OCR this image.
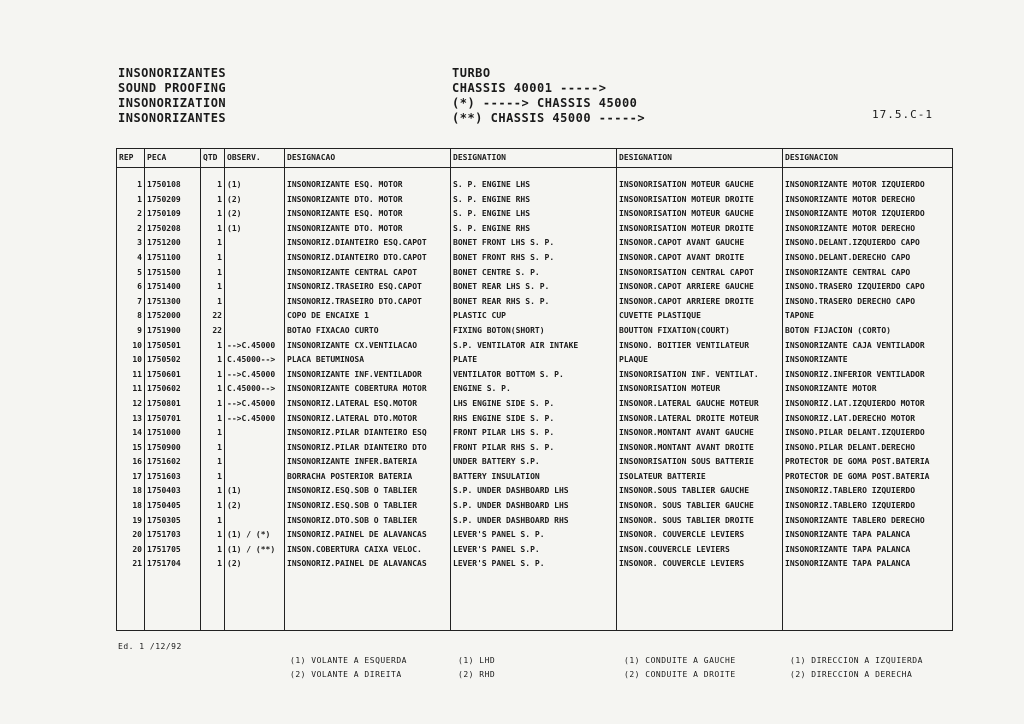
INSONORIZANTES
SOUND PROOFING
INSONORIZATION
INSONORIZANTES
TURBO
CHASSIS 40001 ----->
(*) -----> CHASSIS 45000
(**) CHASSIS 45000 ----->	17.5.C-1
REP	PECA	QTD	OBSERV.	DESIGNACAO	DESIGNATION	DESIGNATION	DESIGNACION

1	1750108	1	(1)	INSONORIZANTE ESQ. MOTOR	S. P. ENGINE LHS	INSONORISATION MOTEUR GAUCHE	INSONORIZANTE MOTOR IZQUIERDO
1	1750209	1	(2)	INSONORIZANTE DTO. MOTOR	S. P. ENGINE RHS	INSONORISATION MOTEUR DROITE	INSONORIZANTE MOTOR DERECHO
2	1750109	1	(2)	INSONORIZANTE ESQ. MOTOR	S. P. ENGINE LHS	INSONORISATION MOTEUR GAUCHE	INSONORIZANTE MOTOR IZQUIERDO
2	1750208	1	(1)	INSONORIZANTE DTO. MOTOR	S. P. ENGINE RHS	INSONORISATION MOTEUR DROITE	INSONORIZANTE MOTOR DERECHO
3	1751200	1		INSONORIZ.DIANTEIRO ESQ.CAPOT	BONET FRONT LHS S. P.	INSONOR.CAPOT AVANT GAUCHE	INSONO.DELANT.IZQUIERDO CAPO
4	1751100	1		INSONORIZ.DIANTEIRO DTO.CAPOT	BONET FRONT RHS S. P.	INSONOR.CAPOT AVANT DROITE	INSONO.DELANT.DERECHO CAPO
5	1751500	1		INSONORIZANTE CENTRAL CAPOT	BONET CENTRE S. P.	INSONORISATION CENTRAL CAPOT	INSONORIZANTE CENTRAL CAPO
6	1751400	1		INSONORIZ.TRASEIRO ESQ.CAPOT	BONET REAR LHS S. P.	INSONOR.CAPOT ARRIERE GAUCHE	INSONO.TRASERO IZQUIERDO CAPO
7	1751300	1		INSONORIZ.TRASEIRO DTO.CAPOT	BONET REAR RHS S. P.	INSONOR.CAPOT ARRIERE DROITE	INSONO.TRASERO DERECHO CAPO
8	1752000	22		COPO DE ENCAIXE 1	PLASTIC CUP	CUVETTE PLASTIQUE	TAPONE
9	1751900	22		BOTAO FIXACAO CURTO	FIXING BOTON(SHORT)	BOUTTON FIXATION(COURT)	BOTON FIJACION (CORTO)
10	1750501	1	-->C.45000	INSONORIZANTE CX.VENTILACAO	S.P. VENTILATOR AIR INTAKE	INSONO. BOITIER VENTILATEUR	INSONORIZANTE CAJA VENTILADOR
10	1750502	1	C.45000-->	PLACA BETUMINOSA	PLATE	PLAQUE	INSONORIZANTE
11	1750601	1	-->C.45000	INSONORIZANTE INF.VENTILADOR	VENTILATOR BOTTOM S. P.	INSONORISATION INF. VENTILAT.	INSONORIZ.INFERIOR VENTILADOR
11	1750602	1	C.45000-->	INSONORIZANTE COBERTURA MOTOR	ENGINE S. P.	INSONORISATION MOTEUR	INSONORIZANTE MOTOR
12	1750801	1	-->C.45000	INSONORIZ.LATERAL ESQ.MOTOR	LHS ENGINE SIDE S. P.	INSONOR.LATERAL GAUCHE MOTEUR	INSONORIZ.LAT.IZQUIERDO MOTOR
13	1750701	1	-->C.45000	INSONORIZ.LATERAL DTO.MOTOR	RHS ENGINE SIDE S. P.	INSONOR.LATERAL DROITE MOTEUR	INSONORIZ.LAT.DERECHO MOTOR
14	1751000	1		INSONORIZ.PILAR DIANTEIRO ESQ	FRONT PILAR LHS S. P.	INSONOR.MONTANT AVANT GAUCHE	INSONO.PILAR DELANT.IZQUIERDO
15	1750900	1		INSONORIZ.PILAR DIANTEIRO DTO	FRONT PILAR RHS S. P.	INSONOR.MONTANT AVANT DROITE	INSONO.PILAR DELANT.DERECHO
16	1751602	1		INSONORIZANTE INFER.BATERIA	UNDER BATTERY S.P.	INSONORISATION SOUS BATTERIE	PROTECTOR DE GOMA POST.BATERIA
17	1751603	1		BORRACHA POSTERIOR BATERIA	BATTERY INSULATION	ISOLATEUR BATTERIE	PROTECTOR DE GOMA POST.BATERIA
18	1750403	1	(1)	INSONORIZ.ESQ.SOB O TABLIER	S.P. UNDER DASHBOARD LHS	INSONOR.SOUS TABLIER GAUCHE	INSONORIZ.TABLERO IZQUIERDO
18	1750405	1	(2)	INSONORIZ.ESQ.SOB O TABLIER	S.P. UNDER DASHBOARD LHS	INSONOR. SOUS TABLIER GAUCHE	INSONORIZ.TABLERO IZQUIERDO
19	1750305	1		INSONORIZ.DTO.SOB O TABLIER	S.P. UNDER DASHBOARD RHS	INSONOR. SOUS TABLIER DROITE	INSONORIZANTE TABLERO DERECHO
20	1751703	1	(1) / (*)	INSONORIZ.PAINEL DE ALAVANCAS	LEVER'S PANEL S. P.	INSONOR. COUVERCLE LEVIERS	INSONORIZANTE TAPA PALANCA
20	1751705	1	(1) / (**)	INSON.COBERTURA CAIXA VELOC.	LEVER'S PANEL S.P.	INSON.COUVERCLE LEVIERS	INSONORIZANTE TAPA PALANCA
21	1751704	1	(2)	INSONORIZ.PAINEL DE ALAVANCAS	LEVER'S PANEL S. P.	INSONOR. COUVERCLE LEVIERS	INSONORIZANTE TAPA PALANCA

Ed. 1 /12/92
(1) VOLANTE A ESQUERDA
(2) VOLANTE A DIREITA
(1) LHD
(2) RHD
(1) CONDUITE A GAUCHE
(2) CONDUITE A DROITE
(1) DIRECCION A IZQUIERDA
(2) DIRECCION A DERECHA
